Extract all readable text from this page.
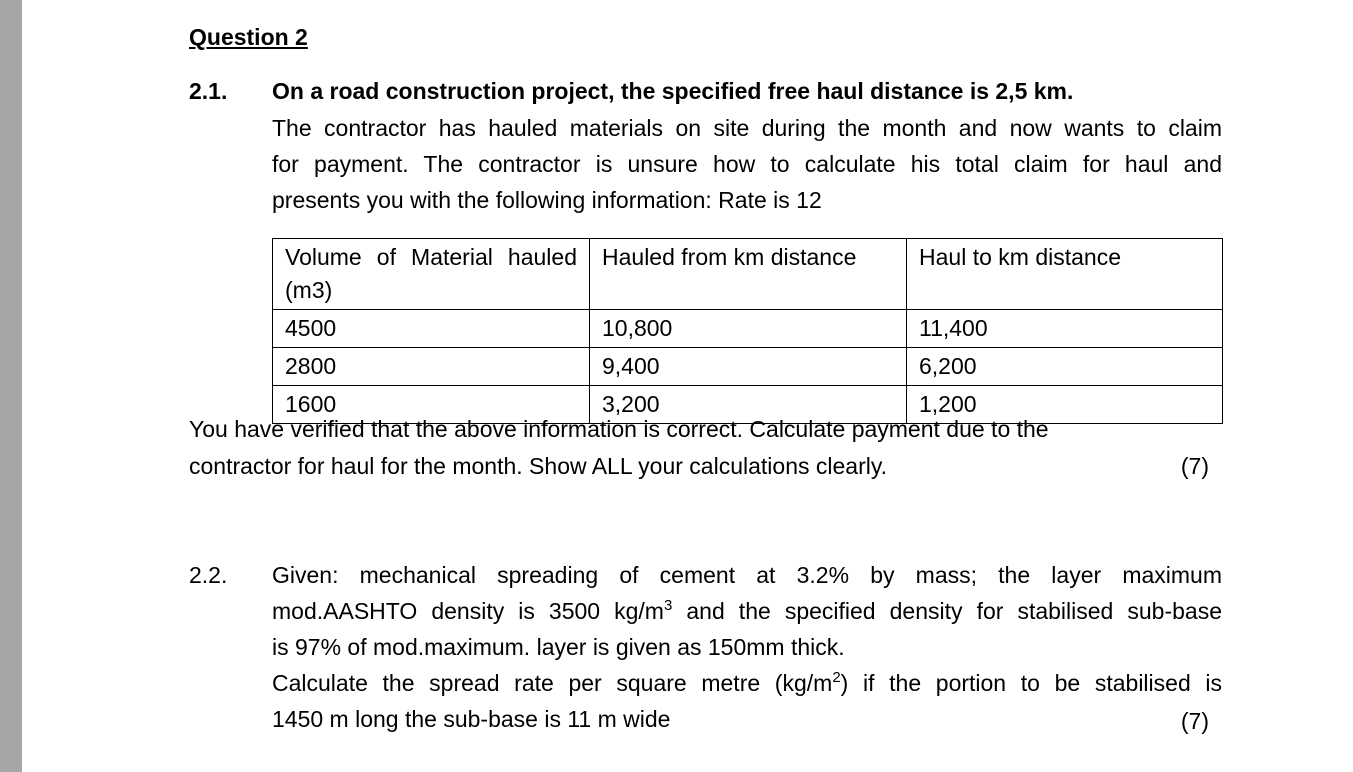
Question 2
2.1. On a road construction project, the specified free haul distance is 2,5 km.
The contractor has hauled materials on site during the month and now wants to claim
for payment. The contractor is unsure how to calculate his total claim for haul and
presents you with the following information: Rate is 12
Volume of Material hauled (m3)	Hauled from km distance	Haul to km distance
4500	10,800	11,400
2800	9,400	6,200
1600	3,200	1,200
You have verified that the above information is correct. Calculate payment due to the
contractor for haul for the month. Show ALL your calculations clearly.	(7)
2.2. Given: mechanical spreading of cement at 3.2% by mass; the layer maximum
mod.AASHTO density is 3500 $kg/m^3$ and the specified density for stabilised sub-base
is 97% of mod.maximum. layer is given as 150mm thick.
Calculate the spread rate per square metre $(kg/m^2)$ if the portion to be stabilised is
1450 m long the sub-base is 11 m wide	(7)
